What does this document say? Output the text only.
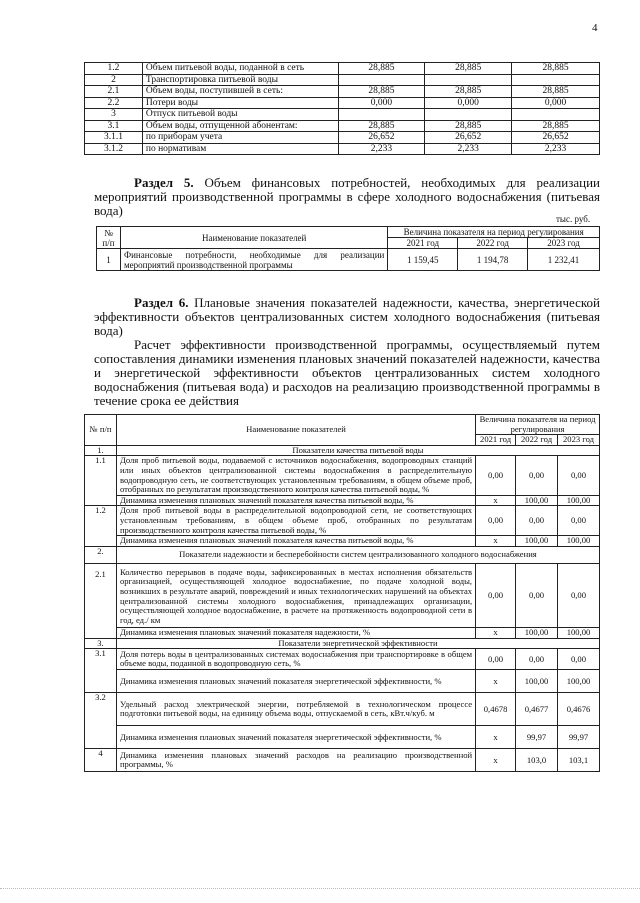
4
1.2	Объем питьевой воды, поданной в сеть	28,885	28,885	28,885
2	Транспортировка питьевой воды			
2.1	Объем воды, поступившей в сеть:	28,885	28,885	28,885
2.2	Потери воды	0,000	0,000	0,000
3	Отпуск питьевой воды			
3.1	Объем воды, отпущенной абонентам:	28,885	28,885	28,885
3.1.1	по приборам учета	26,652	26,652	26,652
3.1.2	по нормативам	2,233	2,233	2,233
Раздел 5. Объем финансовых потребностей, необходимых для реализации мероприятий производственной программы в сфере холодного водоснабжения (питьевая вода)
тыс. руб.
№ п/п	Наименование показателей	Величина показателя на период регулирования		
		2021 год	2022 год	2023 год
1	Финансовые потребности, необходимые для реализации мероприятий производственной программы	1 159,45	1 194,78	1 232,41
Раздел 6. Плановые значения показателей надежности, качества, энергетической эффективности объектов централизованных систем холодного водоснабжения (питьевая вода)
Расчет эффективности производственной программы, осуществляемый путем сопоставления динамики изменения плановых значений показателей надежности, качества и энергетической эффективности объектов централизованных систем холодного водоснабжения (питьевая вода) и расходов на реализацию производственной программы в течение срока ее действия
№ п/п	Наименование показателей	Величина показателя на период регулирования		
		2021 год	2022 год	2023 год
1.	Показатели качества питьевой воды			
1.1	Доля проб питьевой воды, подаваемой с источников водоснабжения, водопроводных станций или иных объектов централизованной системы водоснабжения в распределительную водопроводную сеть, не соответствующих установленным требованиям, в общем объеме проб, отобранных по результатам производственного контроля качества питьевой воды, %	0,00	0,00	0,00
	Динамика изменения плановых значений показателя качества питьевой воды, %	x	100,00	100,00
1.2	Доля проб питьевой воды в распределительной водопроводной сети, не соответствующих установленным требованиям, в общем объеме проб, отобранных по результатам производственного контроля качества питьевой воды, %	0,00	0,00	0,00
	Динамика изменения плановых значений показателя качества питьевой воды, %	x	100,00	100,00
2.	Показатели надежности и бесперебойности систем централизованного холодного водоснабжения			
2.1	Количество перерывов в подаче воды, зафиксированных в местах исполнения обязательств организацией, осуществляющей холодное водоснабжение, по подаче холодной воды, возникших в результате аварий, повреждений и иных технологических нарушений на объектах централизованной системы холодного водоснабжения, принадлежащих организации, осуществляющей холодное водоснабжение, в расчете на протяженность водопроводной сети в год, ед./ км	0,00	0,00	0,00
	Динамика изменения плановых значений показателя надежности, %	x	100,00	100,00
3.	Показатели энергетической эффективности			
3.1	Доля потерь воды в централизованных системах водоснабжения при транспортировке в общем объеме воды, поданной в водопроводную сеть, %	0,00	0,00	0,00
	Динамика изменения плановых значений показателя энергетической эффективности, %	x	100,00	100,00
3.2	Удельный расход электрической энергии, потребляемой в технологическом процессе подготовки питьевой воды, на единицу объема воды, отпускаемой в сеть, кВт.ч/куб. м	0,4678	0,4677	0,4676
	Динамика изменения плановых значений показателя энергетической эффективности, %	x	99,97	99,97
4	Динамика изменения плановых значений расходов на реализацию производственной программы, %	x	103,0	103,1
